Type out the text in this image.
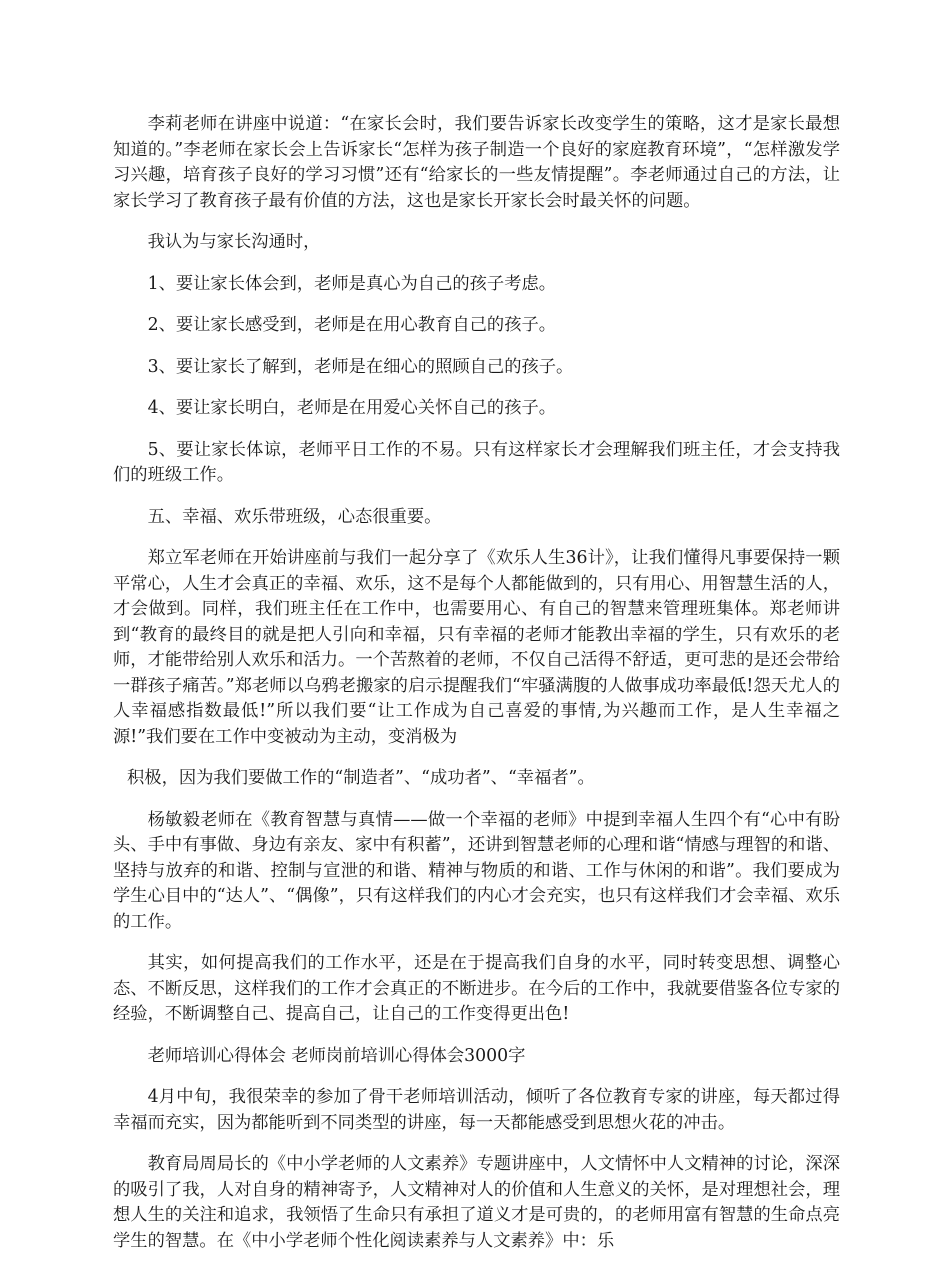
李莉老师在讲座中说道：“在家长会时，我们要告诉家长改变学生的策略，这才是家长最想知道的。”李老师在家长会上告诉家长“怎样为孩子制造一个良好的家庭教育环境”，“怎样激发学习兴趣，培育孩子良好的学习习惯”还有“给家长的一些友情提醒”。李老师通过自己的方法，让家长学习了教育孩子最有价值的方法，这也是家长开家长会时最关怀的问题。

我认为与家长沟通时，

1、要让家长体会到，老师是真心为自己的孩子考虑。

2、要让家长感受到，老师是在用心教育自己的孩子。

3、要让家长了解到，老师是在细心的照顾自己的孩子。

4、要让家长明白，老师是在用爱心关怀自己的孩子。

5、要让家长体谅，老师平日工作的不易。只有这样家长才会理解我们班主任，才会支持我们的班级工作。

五、幸福、欢乐带班级，心态很重要。

郑立军老师在开始讲座前与我们一起分享了《欢乐人生36计》，让我们懂得凡事要保持一颗平常心，人生才会真正的幸福、欢乐，这不是每个人都能做到的，只有用心、用智慧生活的人，才会做到。同样，我们班主任在工作中，也需要用心、有自己的智慧来管理班集体。郑老师讲到“教育的最终目的就是把人引向和幸福，只有幸福的老师才能教出幸福的学生，只有欢乐的老师，才能带给别人欢乐和活力。一个苦熬着的老师，不仅自己活得不舒适，更可悲的是还会带给一群孩子痛苦。”郑老师以乌鸦老搬家的启示提醒我们“牢骚满腹的人做事成功率最低!怨天尤人的人幸福感指数最低!”所以我们要“让工作成为自己喜爱的事情,为兴趣而工作，是人生幸福之源!”我们要在工作中变被动为主动，变消极为

积极，因为我们要做工作的“制造者”、“成功者”、“幸福者”。

杨敏毅老师在《教育智慧与真情——做一个幸福的老师》中提到幸福人生四个有“心中有盼头、手中有事做、身边有亲友、家中有积蓄”，还讲到智慧老师的心理和谐“情感与理智的和谐、坚持与放弃的和谐、控制与宣泄的和谐、精神与物质的和谐、工作与休闲的和谐”。我们要成为学生心目中的“达人”、“偶像”，只有这样我们的内心才会充实，也只有这样我们才会幸福、欢乐的工作。

其实，如何提高我们的工作水平，还是在于提高我们自身的水平，同时转变思想、调整心态、不断反思，这样我们的工作才会真正的不断进步。在今后的工作中，我就要借鉴各位专家的经验，不断调整自己、提高自己，让自己的工作变得更出色!

老师培训心得体会 老师岗前培训心得体会3000字

4月中旬，我很荣幸的参加了骨干老师培训活动，倾听了各位教育专家的讲座，每天都过得幸福而充实，因为都能听到不同类型的讲座，每一天都能感受到思想火花的冲击。

教育局周局长的《中小学老师的人文素养》专题讲座中，人文情怀中人文精神的讨论，深深的吸引了我，人对自身的精神寄予，人文精神对人的价值和人生意义的关怀，是对理想社会，理想人生的关注和追求，我领悟了生命只有承担了道义才是可贵的，的老师用富有智慧的生命点亮学生的智慧。在《中小学老师个性化阅读素养与人文素养》中：乐
